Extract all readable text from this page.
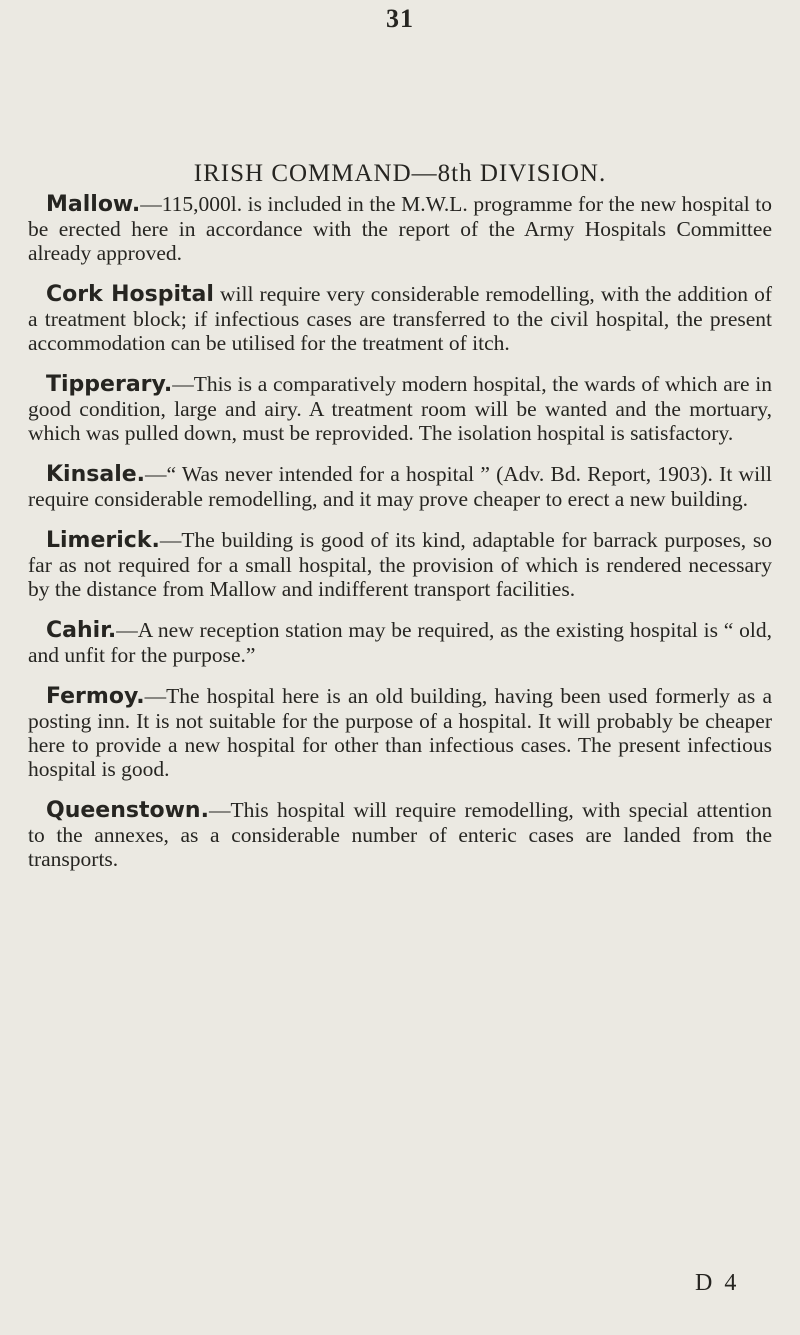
31
IRISH COMMAND—8th DIVISION.

Mallow.—115,000l. is included in the M.W.L. programme for the new hospital to be erected here in accordance with the report of the Army Hospitals Committee already approved.

Cork Hospital will require very considerable remodelling, with the addition of a treatment block; if infectious cases are transferred to the civil hospital, the present accommodation can be utilised for the treatment of itch.

Tipperary.—This is a comparatively modern hospital, the wards of which are in good condition, large and airy. A treatment room will be wanted and the mortuary, which was pulled down, must be reprovided. The isolation hospital is satisfactory.

Kinsale.—“ Was never intended for a hospital ” (Adv. Bd. Report, 1903). It will require considerable remodelling, and it may prove cheaper to erect a new building.

Limerick.—The building is good of its kind, adaptable for barrack purposes, so far as not required for a small hospital, the provision of which is rendered necessary by the distance from Mallow and indifferent transport facilities.

Cahir.—A new reception station may be required, as the existing hospital is “ old, and unfit for the purpose.”

Fermoy.—The hospital here is an old building, having been used formerly as a posting inn. It is not suitable for the purpose of a hospital. It will probably be cheaper here to provide a new hospital for other than infectious cases. The present infectious hospital is good.

Queenstown.—This hospital will require remodelling, with special attention to the annexes, as a considerable number of enteric cases are landed from the transports.

D 4
